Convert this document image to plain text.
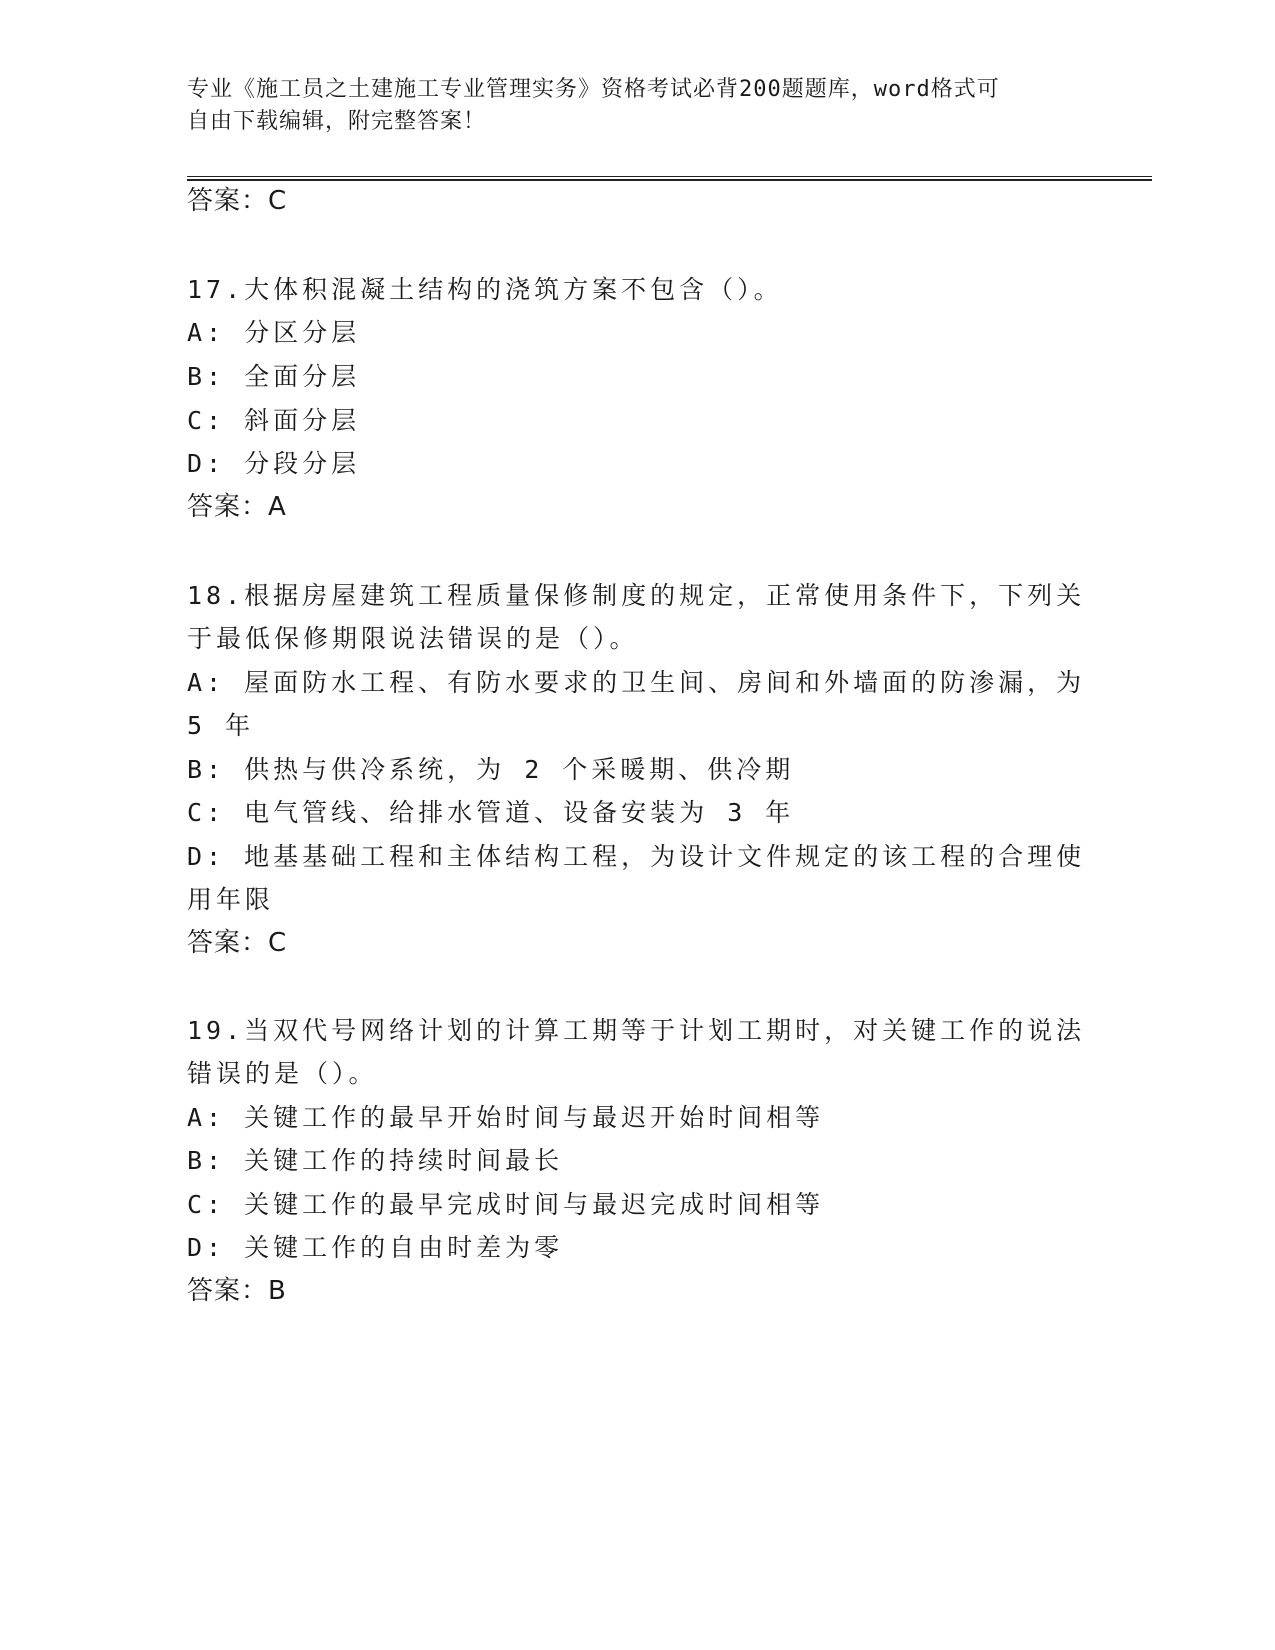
专业《施工员之土建施工专业管理实务》资格考试必背200题题库，word格式可
自由下载编辑，附完整答案！
答案：C
17.大体积混凝土结构的浇筑方案不包含（）。
A: 分区分层
B: 全面分层
C: 斜面分层
D: 分段分层
答案：A
18.根据房屋建筑工程质量保修制度的规定，正常使用条件下，下列关
于最低保修期限说法错误的是（）。
A: 屋面防水工程、有防水要求的卫生间、房间和外墙面的防渗漏，为
5 年
B: 供热与供冷系统，为 2 个采暖期、供冷期
C: 电气管线、给排水管道、设备安装为 3 年
D: 地基基础工程和主体结构工程，为设计文件规定的该工程的合理使
用年限
答案：C
19.当双代号网络计划的计算工期等于计划工期时，对关键工作的说法
错误的是（）。
A: 关键工作的最早开始时间与最迟开始时间相等
B: 关键工作的持续时间最长
C: 关键工作的最早完成时间与最迟完成时间相等
D: 关键工作的自由时差为零
答案：B
